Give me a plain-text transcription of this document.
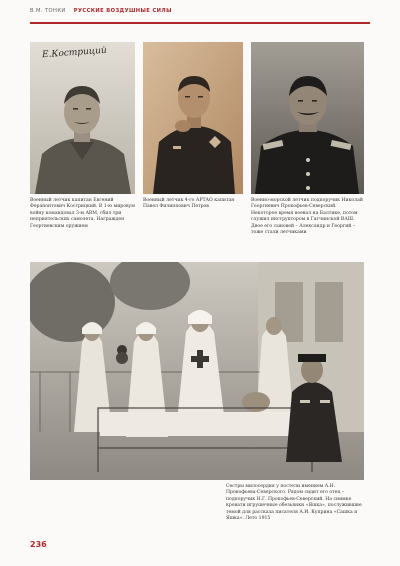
В.М. ТОНКИ РУССКИЕ ВОЗДУШНЫЕ СИЛЫ
Е.Костриций
Военный летчик капитан Евгений Ферапонтович Кострицкий. В 1-ю мировую войну командовал 3-м АВМ, сбил три неприятельских самолета. Награжден Георгиевским оружием
Военный летчик 4-го АРТАО капитан Павел Филиппович Петров
Военно-морской летчик подпоручик Николай Георгиевич Прокофьев-Северский. Некоторое время воевал на Балтике, потом служил инструктором в Гатчинской ВАШ. Двое его сыновей – Александр и Георгий – тоже стали летчиками
Сестры милосердия у постели имением А.Н. Прокофьева-Северского. Рядом сидит его отец – подпоручик Н.Г. Прокофьев-Северский. На снимке кровати игрушечные обезьянки «Яшка», послужившие темой для рассказа писателя А.И. Куприна «Сашка и Яшка». Лето 1915
236
